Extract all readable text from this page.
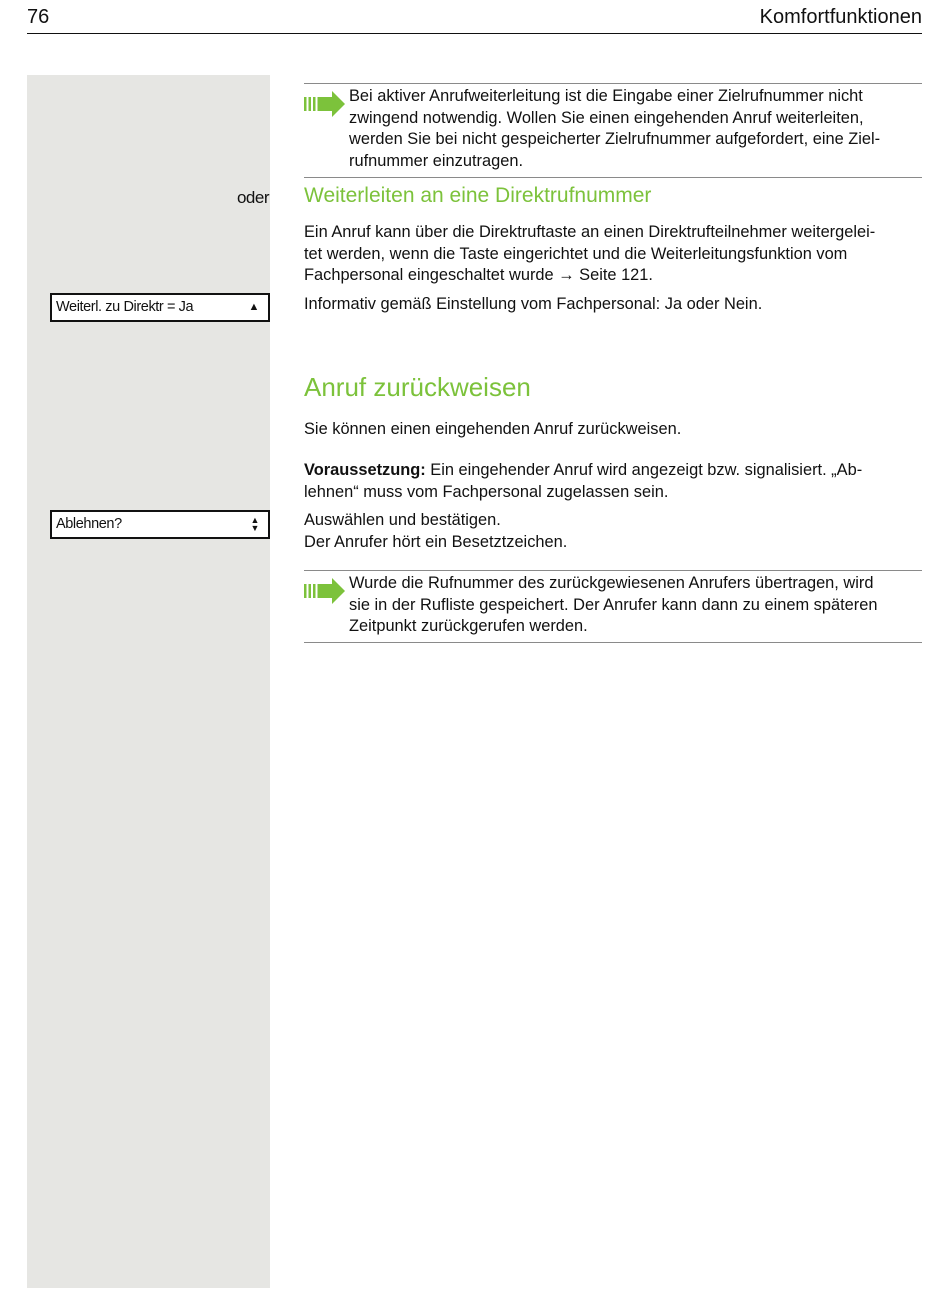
76	Komfortfunktionen
oder
Weiterl. zu Direktr = Ja	▲
Ablehnen?	▲
▼
Bei aktiver Anrufweiterleitung ist die Eingabe einer Zielrufnummer nicht
zwingend notwendig. Wollen Sie einen eingehenden Anruf weiterleiten,
werden Sie bei nicht gespeicherter Zielrufnummer aufgefordert, eine Ziel-
rufnummer einzutragen.
Weiterleiten an eine Direktrufnummer
Ein Anruf kann über die Direktruftaste an einen Direktrufteilnehmer weitergelei-
tet werden, wenn die Taste eingerichtet und die Weiterleitungsfunktion vom
Fachpersonal eingeschaltet wurde → Seite 121.
Informativ gemäß Einstellung vom Fachpersonal: Ja oder Nein.
Anruf zurückweisen
Sie können einen eingehenden Anruf zurückweisen.
Voraussetzung: Ein eingehender Anruf wird angezeigt bzw. signalisiert. „Ab-
lehnen“ muss vom Fachpersonal zugelassen sein.
Auswählen und bestätigen.
Der Anrufer hört ein Besetztzeichen.
Wurde die Rufnummer des zurückgewiesenen Anrufers übertragen, wird
sie in der Rufliste gespeichert. Der Anrufer kann dann zu einem späteren
Zeitpunkt zurückgerufen werden.
